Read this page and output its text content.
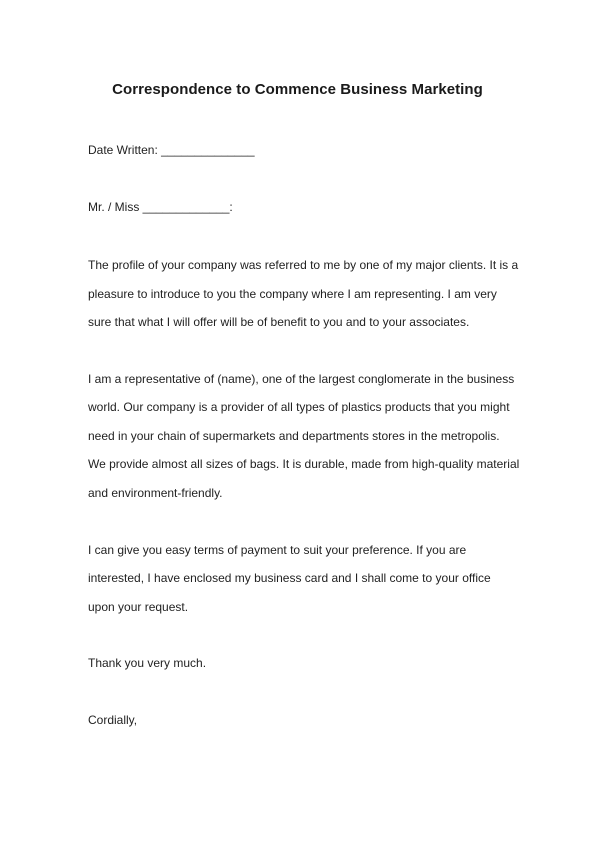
Correspondence to Commence Business Marketing
Date Written: ______________
Mr. / Miss _____________:
The profile of your company was referred to me by one of my major clients. It is a
pleasure to introduce to you the company where I am representing. I am very
sure that what I will offer will be of benefit to you and to your associates.
I am a representative of (name), one of the largest conglomerate in the business
world. Our company is a provider of all types of plastics products that you might
need in your chain of supermarkets and departments stores in the metropolis.
We provide almost all sizes of bags. It is durable, made from high-quality material
and environment-friendly.
I can give you easy terms of payment to suit your preference. If you are
interested, I have enclosed my business card and I shall come to your office
upon your request.
Thank you very much.
Cordially,
